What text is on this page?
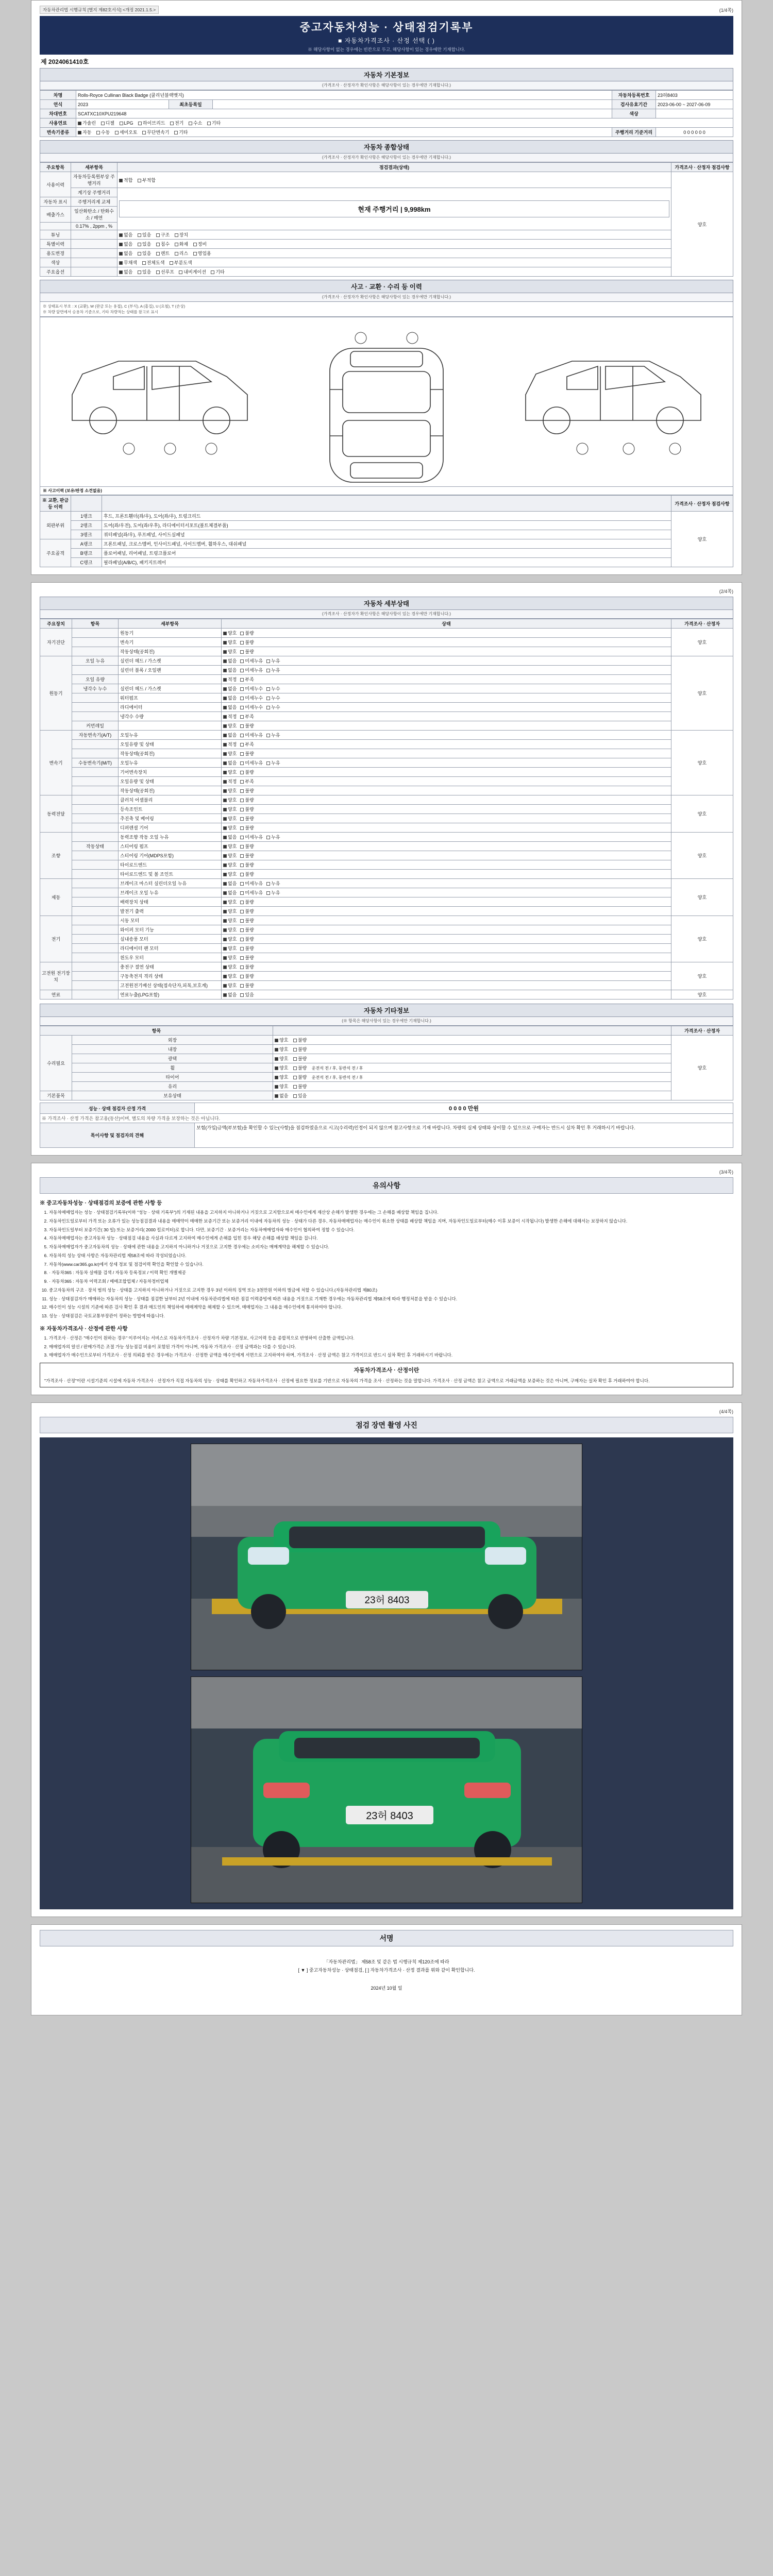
자동차관리법 시행규칙 [별지 제82호서식] <개정 2021.1.5.>	(1/4쪽)
중고자동차성능 · 상태점검기록부
■ 자동차가격조사 · 산정 선택 ( )
※ 해당사항이 없는 경우에는 빈칸으로 두고, 해당사항이 있는 경우에만 기재합니다.
제 2024061410호
자동차 기본정보
(가격조사 · 산정자가 확인사항은 해당사항이 있는 경우에만 기재합니다.)
차명	Rolls-Royce Cullinan Black Badge (쿨리넌블랙뱃지)			자동차등록번호	23허8403
연식	2023	최초등록일		검사유효기간	2023-06-00 ~ 2027-06-09
차대번호	SCATXC10XPU219648			색상	
사용연료	가솔린 디젤 LPG 하이브리드 전기 수소 기타				
변속기종류	자동 수동 세미오토 무단변속기 기타			주행거리 기준거리	0 0 0 0 0 0
자동차 종합상태
(가격조사 · 산정자가 확인사항은 해당사항이 있는 경우에만 기재합니다.)
주요항목	세부항목	점검결과(상태)	가격조사 · 산정자 점검사항
사용이력	자동차등록원부상 주행거리	적합 부적합	양호
	계기상 주행거리	현재 주행거리 | 9,998km	

자동차 표시	주행거리계 교체		
배출가스	일산화탄소 / 탄화수소 / 매연		
	0.17% , 2ppm , %		
튜닝		없음 있음 구조 장치	
특별이력		없음 있음 침수 화재 정비	
용도변경		없음 있음 렌트 리스 영업용	
색상		무채색 전체도색 부분도색	
주요옵션		없음 있음 선루프 내비게이션 기타	
사고 · 교환 · 수리 등 이력
(가격조사 · 산정자가 확인사항은 해당사항이 있는 경우에만 기재합니다.)
※ 상태표시 부호 : X (교환), W (판금 또는 용접), C (부식), A (흠집), U (요철), T (손상)
※ 차량 앞면에서 승용차 기준으로, 기타 차량적는 상태를 참고로 표시
※ 사고이력 (보유/판정 소견없음)
※ 교환, 판금 등 이력			가격조사 · 산정자 점검사항
외판부위	1랭크	후드, 프론트휀더(좌/우), 도어(좌/우), 트렁크리드	양호
	2랭크	도어(좌/우전), 도어(좌/우후), 라디에이터서포트(볼트체결부품)	
	3랭크	쿼터패널(좌/우), 루프패널, 사이드실패널	
주요골격	A랭크	프론트패널, 크로스멤버, 인사이드패널, 사이드멤버, 휠하우스, 대쉬패널	
	B랭크	플로어패널, 리어패널, 트렁크플로어	
	C랭크	필라패널(A/B/C), 패키지트레이	
(2/4쪽)
자동차 세부상태
(가격조사 · 산정자가 확인사항은 해당사항이 있는 경우에만 기재합니다.)
주요장치	항목	세부항목	상태	가격조사 · 산정자
자기진단		원동기	양호 불량	양호
		변속기	양호 불량	
		작동상태(공회전)	양호 불량	
원동기	오일 누유	실린더 헤드 / 가스켓	없음 미세누유 누유	양호
		실린더 블록 / 오일팬	없음 미세누유 누유	
	오일 유량		적정 부족	
	냉각수 누수	실린더 헤드 / 가스켓	없음 미세누수 누수	
		워터펌프	없음 미세누수 누수	
		라디에이터	없음 미세누수 누수	
		냉각수 수량	적정 부족	
	커먼레일		양호 불량	
변속기	자동변속기(A/T)	오일누유	없음 미세누유 누유	양호
		오일유량 및 상태	적정 부족	
		작동상태(공회전)	양호 불량	
	수동변속기(M/T)	오일누유	없음 미세누유 누유	
		기어변속장치	양호 불량	
		오일유량 및 상태	적정 부족	
		작동상태(공회전)	양호 불량	
동력전달		클러치 어셈블리	양호 불량	양호
		등속조인트	양호 불량	
		추진축 및 베어링	양호 불량	
		디퍼렌셜 기어	양호 불량	
조향		동력조향 작동 오일 누유	없음 미세누유 누유	양호
	작동상태	스티어링 펌프	양호 불량	
		스티어링 기어(MDPS포함)	양호 불량	
		타이로드엔드	양호 불량	
		타이로드엔드 및 볼 조인트	양호 불량	
제동		브레이크 마스터 실린더오일 누유	없음 미세누유 누유	양호
		브레이크 오일 누유	없음 미세누유 누유	
		배력장치 상태	양호 불량	
		발전기 출력	양호 불량	
전기		시동 모터	양호 불량	양호
		와이퍼 모터 기능	양호 불량	
		실내송풍 모터	양호 불량	
		라디에이터 팬 모터	양호 불량	
		윈도우 모터	양호 불량	
고전원 전기장치		충전구 절연 상태	양호 불량	양호
		구동축전지 격리 상태	양호 불량	
		고전원전기배선 상태(접속단자,피복,보호계)	양호 불량	
연료		연료누출(LPG포함)	없음 있음	양호
자동차 기타정보
(※ 항목은 해당사항이 있는 경우에만 기재합니다.)
항목			가격조사 · 산정자
수리필요	외장	양호 불량	양호
	내장	양호 불량	
	광택	양호 불량	
	휠	양호 불량 운전석 전 / 후, 동반석 전 / 후	
	타이어	양호 불량 운전석 전 / 후, 동반석 전 / 후	
	유리	양호 불량	
기본품목	보유상태	없음 있음	
성능 · 상태 점검자 산정 가격	0 0 0 0 만원
※ 가격조사 · 산정 가격은 참고용(동산)이며, 별도의 차량 가격을 보장하는 것은 아닙니다.	
특이사항 및 점검자의 견해	보험(가입)금액(부보험)을 확인할 수 있는(사항)을 점검하였음으로 시고(수리력)인정이 되지 않으며 참고사항으로 기재 바랍니다. 차량의 실제 상태와 상이할 수 있으므로 구매자는 반드시 실차 확인 후 거래하시기 바랍니다.
(3/4쪽)
유의사항
※ 중고자동차성능 · 상태점검의 보증에 관한 사항 등
1. 자동차매매업자는 성능 · 상태점검기록부(이하 "성능 · 상태 기록부")의 기재된 내용을 고지하지 아니하거나 거짓으로 고지함으로써 매수인에게 재산상 손해가 발생한 경우에는 그 손해를 배상할 책임을 집니다.
2. 자동차인도일로부터 가격 또는 오류가 있는 성능점검결과 내용을 매매약이 매매한 보증기간 또는 보증거리 이내에 자동차의 성능 · 상태가 다른 경우, 자동차매매업자는 매수인이 취소한 상태를 배상할 책임을 지며, 자동차인도일로부터(매수 이후 보증이 시작됩니다) 발생한 손해에 대해서는 보장하지 않습니다.
3. 자동차인도일부터 보증기간( 30 일) 또는 보증거리( 2000 킬로미터)로 합니다. 다만, 보증기간 · 보증거리는 자동차매매업자와 매수인이 협의하여 정할 수 있습니다.
4. 자동차매매업자는 중고자동차 성능 · 상태점검 내용을 사실과 다르게 고지하여 매수인에게 손해를 입힌 경우 해당 손해를 배상할 책임을 집니다.
5. 자동차매매업자가 중고자동차의 성능 · 상태에 관한 내용을 고지하지 아니하거나 거짓으로 고지한 경우에는 소비자는 매매계약을 해제할 수 있습니다.
6. 자동차의 성능 상태 사항은 자동차관리법 제58조에 따라 작성되었습니다.
7. 자동차(www.car365.go.kr)에서 상세 정보 및 점검이력 확인을 확인할 수 있습니다.
8. · 자동차365 : 자동차 실매물 검색 / 자동차 등록정보 / 이력 확인 개별제공
9. · 자동차365 : 자동차 이력조회 / 매매조합업체 / 자동차정비업체
10. 중고자동차의 구조 · 장치 범의 성능 · 상태를 고지하지 아니하거나 거짓으로 고지한 경우 3년 이하의 징역 또는 3천만원 이하의 벌금에 처할 수 있습니다.(자동차관리법 제80조)
11. 성능 · 상태점검자가 매매하는 자동차의 성능 · 상태를 점검한 날부터 2년 이내에 자동차관리법에 따른 점검 이력증빙에 따른 내용을 거짓으로 기재한 경우에는 자동차관리법 제58조에 따라 행정처분을 받을 수 있습니다.
12. 매수인이 성능 시설의 기준에 따른 검사 확인 후 결과 매도인의 책임하에 매매계약을 해제할 수 있으며, 매매업자는 그 내용을 매수인에게 통지하여야 합니다.
13. 성능 · 상태점검은 국토교통부장관이 정하는 방법에 따릅니다.
※ 자동차가격조사 · 산정에 관한 사항
1. 가격조사 · 산정은 "매수인이 원하는 경우" 이루어지는 서비스로 자동차가격조사 · 산정자가 차량 기본정보, 사고이력 등을 종합적으로 반영하여 산출한 금액입니다.
2. 매매업자의 알선 / 판매가격은 조절 가능 성능점검 비용이 포함된 가격이 아니며, 자동차 가격조사 · 산정 금액과는 다를 수 있습니다.
3. 매매업자가 매수인으로부터 가격조사 · 산정 의뢰를 받은 경우에는 가격조사 · 산정한 금액을 매수인에게 서면으로 고지하여야 하며, 가격조사 · 산정 금액은 참고 가격이므로 반드시 실차 확인 후 거래하시기 바랍니다.
자동차가격조사 · 산정이란
"가격조사 · 산정"이란 시설기준의 시설에 자동차 가격조사 · 산정자가 직접 자동차의 성능 · 상태를 확인하고 자동차가격조사 · 산정에 필요한 정보를 기반으로 자동차의 가격을 조사 · 산정하는 것을 말합니다. 가격조사 · 산정 금액은 참고 금액으로 거래금액을 보증하는 것은 아니며, 구매자는 실차 확인 후 거래하여야 합니다.
(4/4쪽)
점검 장면 촬영 사진
23허 8403
23허 8403
서명
「자동차관리법」 제58조 및 같은 법 시행규칙 제120조에 따라
[ ▼ ] 중고자동차성능 · 상태점검, [ ] 자동차가격조사 · 산정 결과를 위와 같이 확인합니다.
2024년 10월 일
